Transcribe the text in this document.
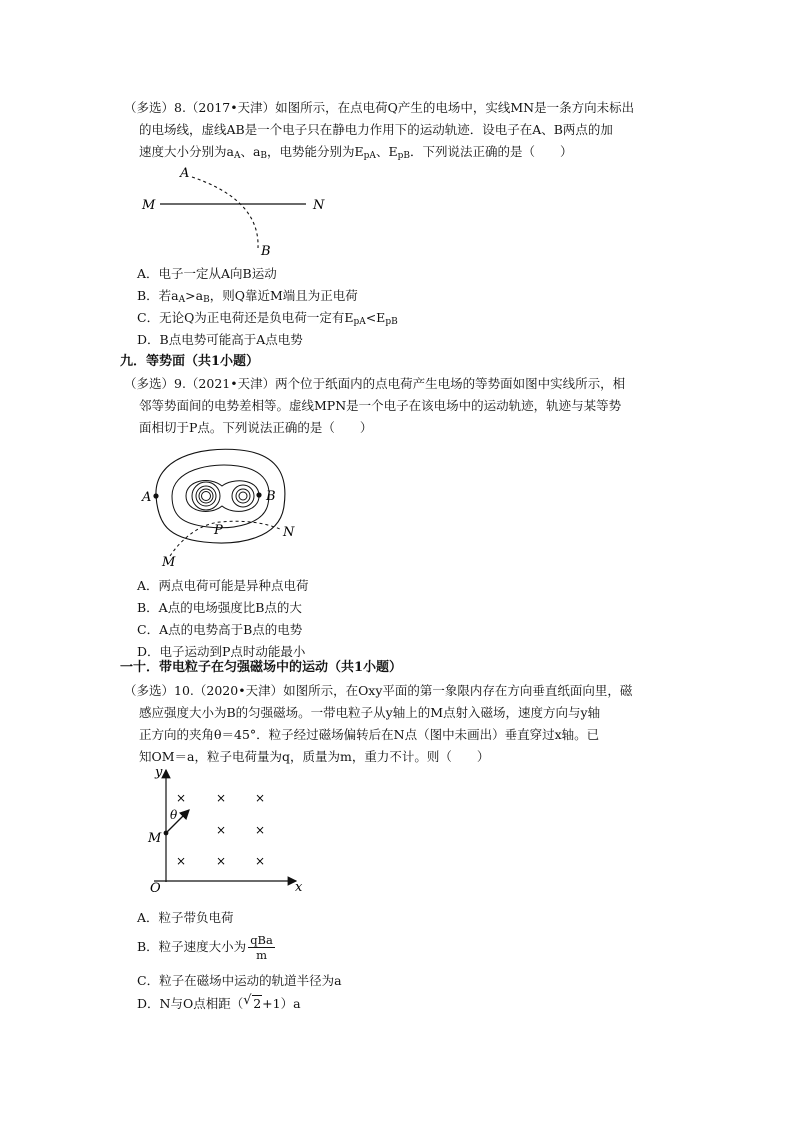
（多选）8.（2017•天津）如图所示，在点电荷Q产生的电场中，实线MN是一条方向未标出
的电场线，虚线AB是一个电子只在静电力作用下的运动轨迹．设电子在A、B两点的加
速度大小分别为$a_A$、$a_B$，电势能分别为$E_{pA}$、$E_{pB}$．下列说法正确的是（　　）
A
B
M	N
A．电子一定从A向B运动
B．若$a_A>a_B$，则Q靠近M端且为正电荷
C．无论Q为正电荷还是负电荷一定有$E_{pA}<E_{pB}$
D．B点电势可能高于A点电势
九．等势面（共1小题）
（多选）9.（2021•天津）两个位于纸面内的点电荷产生电场的等势面如图中实线所示，相
邻等势面间的电势差相等。虚线MPN是一个电子在该电场中的运动轨迹，轨迹与某等势
面相切于P点。下列说法正确的是（　　）
A	B
P	N
M
A．两点电荷可能是异种点电荷
B．A点的电场强度比B点的大
C．A点的电势高于B点的电势
D．电子运动到P点时动能最小
一十．带电粒子在匀强磁场中的运动（共1小题）
（多选）10.（2020•天津）如图所示，在Oxy平面的第一象限内存在方向垂直纸面向里，磁
感应强度大小为B的匀强磁场。一带电粒子从y轴上的M点射入磁场，速度方向与y轴
正方向的夹角θ＝45°．粒子经过磁场偏转后在N点（图中未画出）垂直穿过x轴。已
知OM＝a，粒子电荷量为q，质量为m，重力不计。则（　　）
y
x
O
M
θ
× × ×
× ×
× × ×
A．粒子带负电荷
B．粒子速度大小为 $\frac{\text{qBa}}{m}$
C．粒子在磁场中运动的轨道半径为a
D．N与O点相距（ √ 2+1）a
